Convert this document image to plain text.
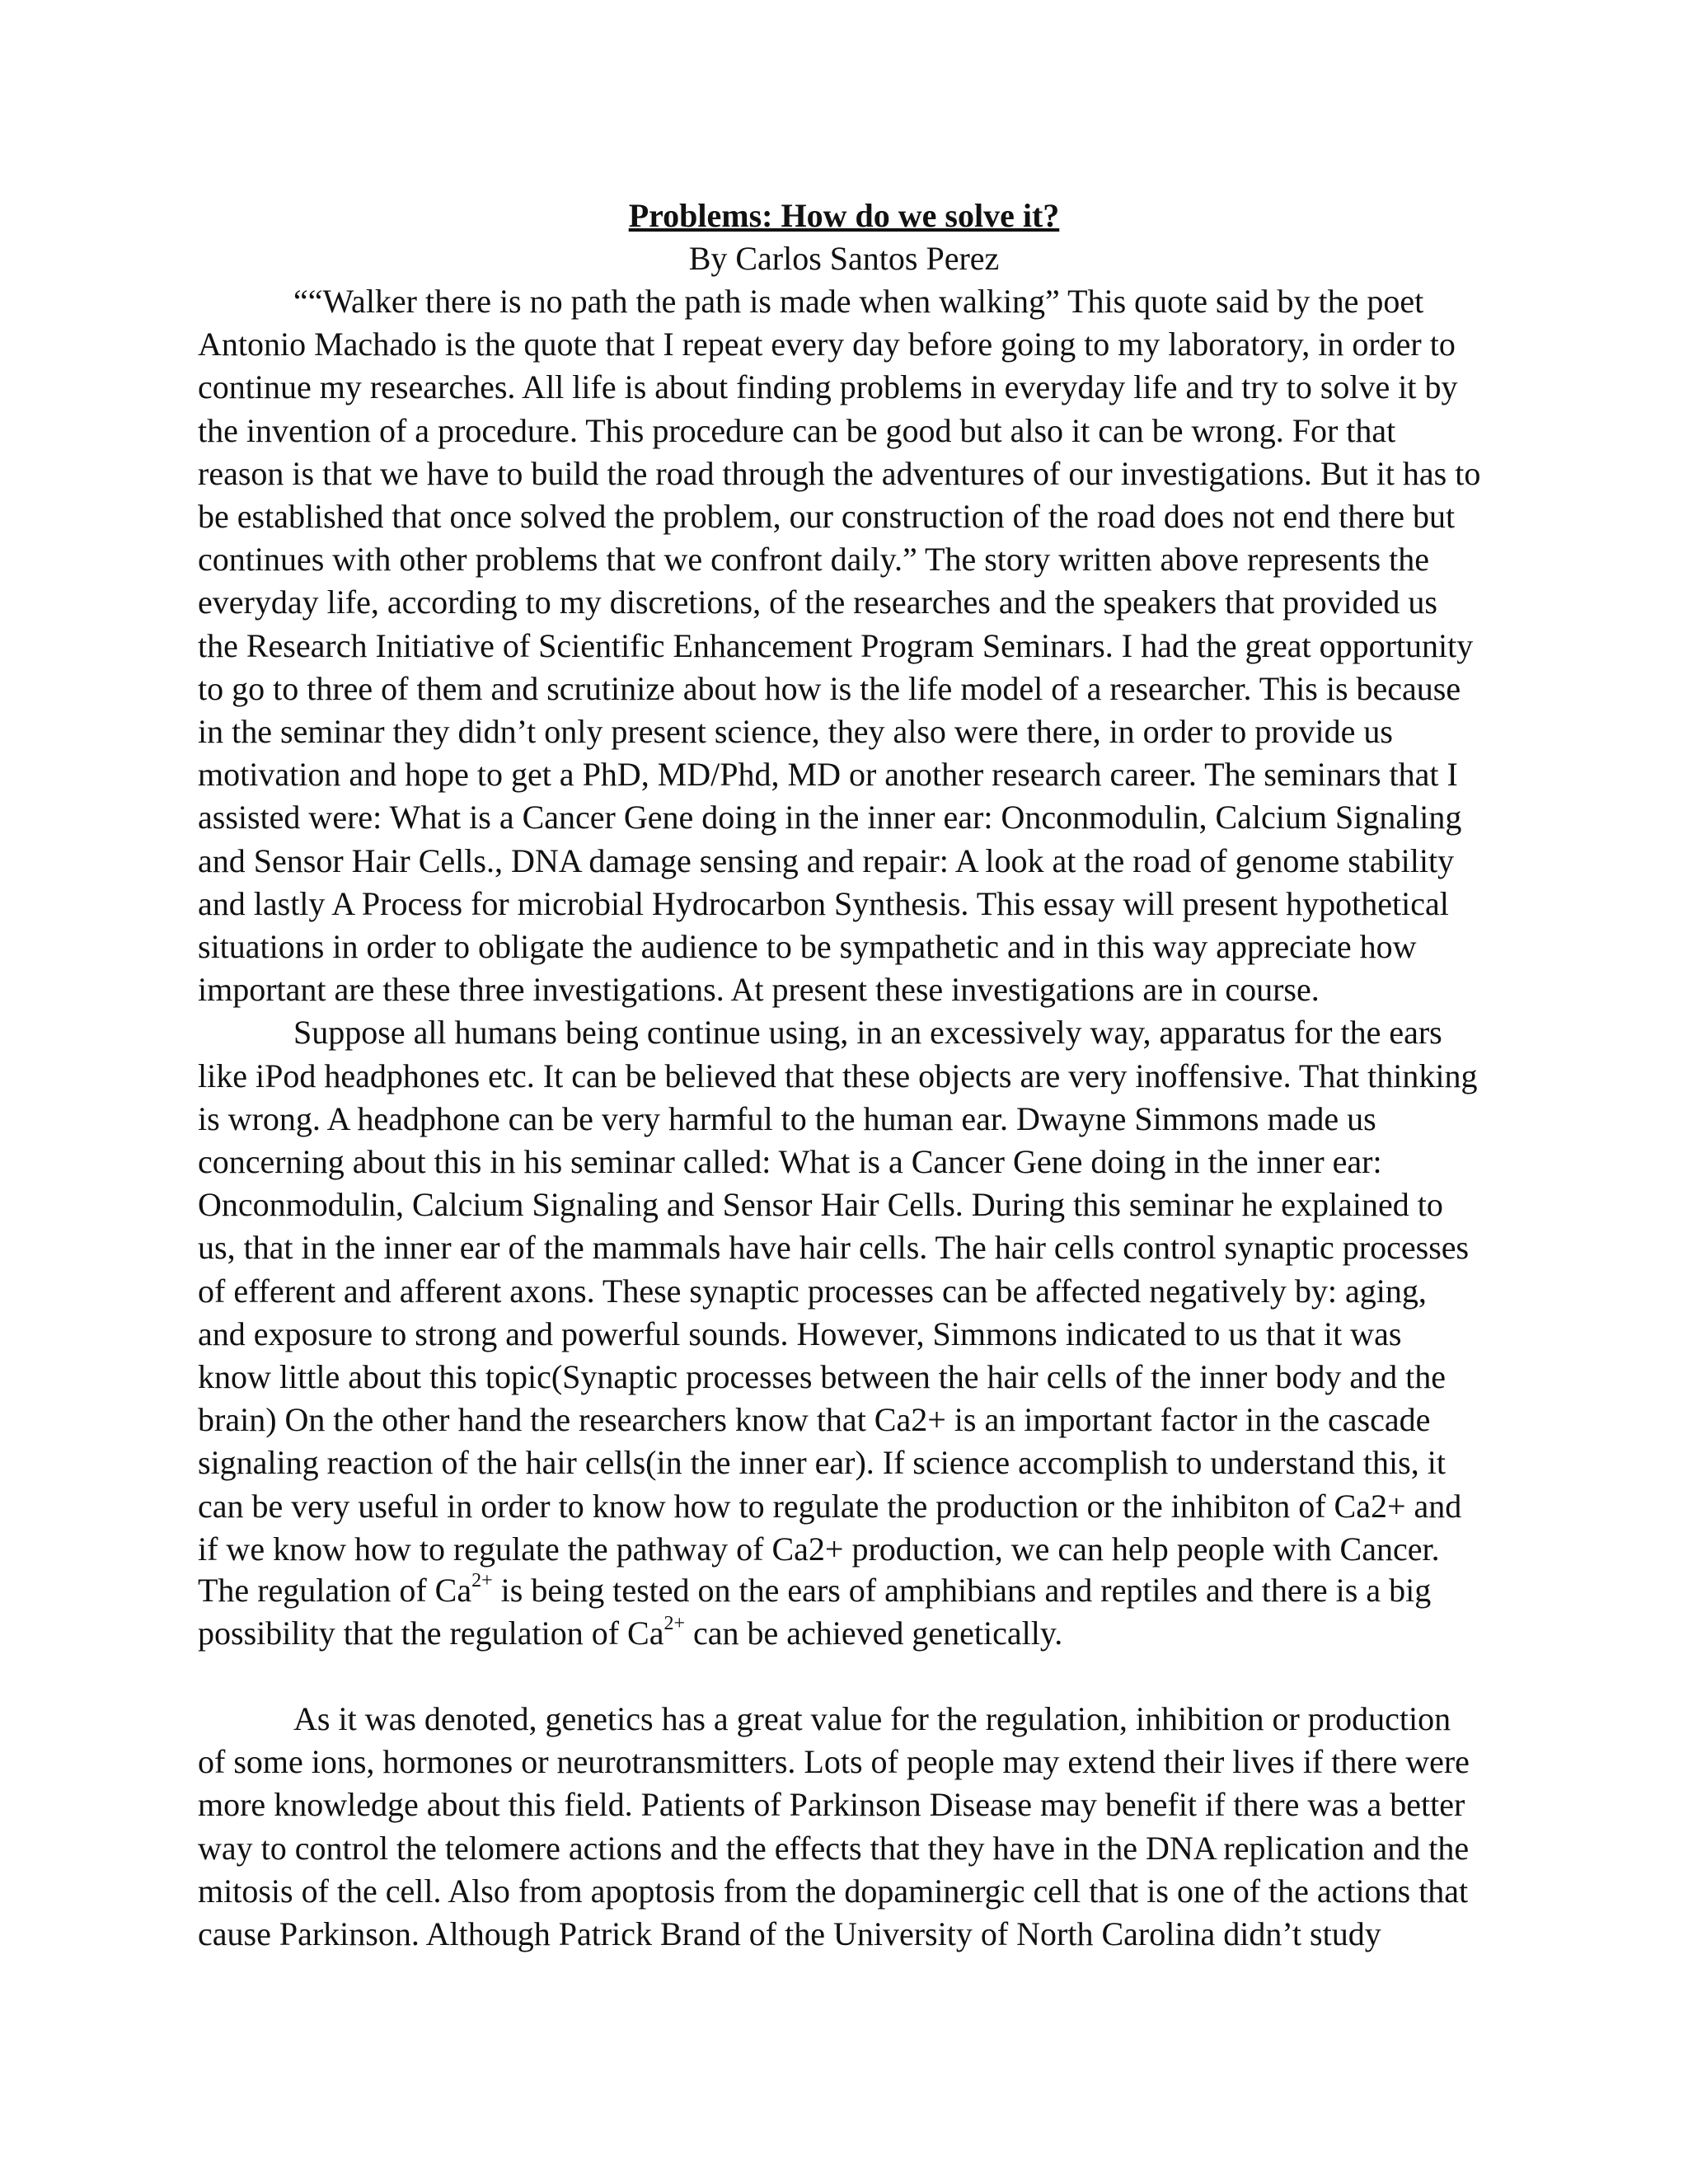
Problems: How do we solve it?
By Carlos Santos Perez
““Walker there is no path the path is made when walking” This quote said by the poet
Antonio Machado is the quote that I repeat every day before going to my laboratory, in order to
continue my researches. All life is about finding problems in everyday life and try to solve it by
the invention of a procedure. This procedure can be good but also it can be wrong. For that
reason is that we have to build the road through the adventures of our investigations. But it has to
be established that once solved the problem, our construction of the road does not end there but
continues with other problems that we confront daily.” The story written above represents the
everyday life, according to my discretions, of the researches and the speakers that provided us
the Research Initiative of Scientific Enhancement Program Seminars. I had the great opportunity
to go to three of them and scrutinize about how is the life model of a researcher. This is because
in the seminar they didn’t only present science, they also were there, in order to provide us
motivation and hope to get a PhD, MD/Phd, MD or another research career. The seminars that I
assisted were: What is a Cancer Gene doing in the inner ear: Onconmodulin, Calcium Signaling
and Sensor Hair Cells., DNA damage sensing and repair: A look at the road of genome stability
and lastly A Process for microbial Hydrocarbon Synthesis. This essay will present hypothetical
situations in order to obligate the audience to be sympathetic and in this way appreciate how
important are these three investigations. At present these investigations are in course.
Suppose all humans being continue using, in an excessively way, apparatus for the ears
like iPod headphones etc. It can be believed that these objects are very inoffensive. That thinking
is wrong. A headphone can be very harmful to the human ear. Dwayne Simmons made us
concerning about this in his seminar called: What is a Cancer Gene doing in the inner ear:
Onconmodulin, Calcium Signaling and Sensor Hair Cells. During this seminar he explained to
us, that in the inner ear of the mammals have hair cells. The hair cells control synaptic processes
of efferent and afferent axons. These synaptic processes can be affected negatively by: aging,
and exposure to strong and powerful sounds. However, Simmons indicated to us that it was
know little about this topic(Synaptic processes between the hair cells of the inner body and the
brain) On the other hand the researchers know that Ca2+ is an important factor in the cascade
signaling reaction of the hair cells(in the inner ear). If science accomplish to understand this, it
can be very useful in order to know how to regulate the production or the inhibiton of Ca2+ and
if we know how to regulate the pathway of Ca2+ production, we can help people with Cancer.
As it was denoted, genetics has a great value for the regulation, inhibition or production
of some ions, hormones or neurotransmitters. Lots of people may extend their lives if there were
more knowledge about this field. Patients of Parkinson Disease may benefit if there was a better
way to control the telomere actions and the effects that they have in the DNA replication and the
mitosis of the cell. Also from apoptosis from the dopaminergic cell that is one of the actions that
cause Parkinson. Although Patrick Brand of the University of North Carolina didn’t study
The regulation of $Ca^{2+}$ is being tested on the ears of amphibians and reptiles and there is a big
possibility that the regulation of $Ca^{2+}$ can be achieved genetically.
